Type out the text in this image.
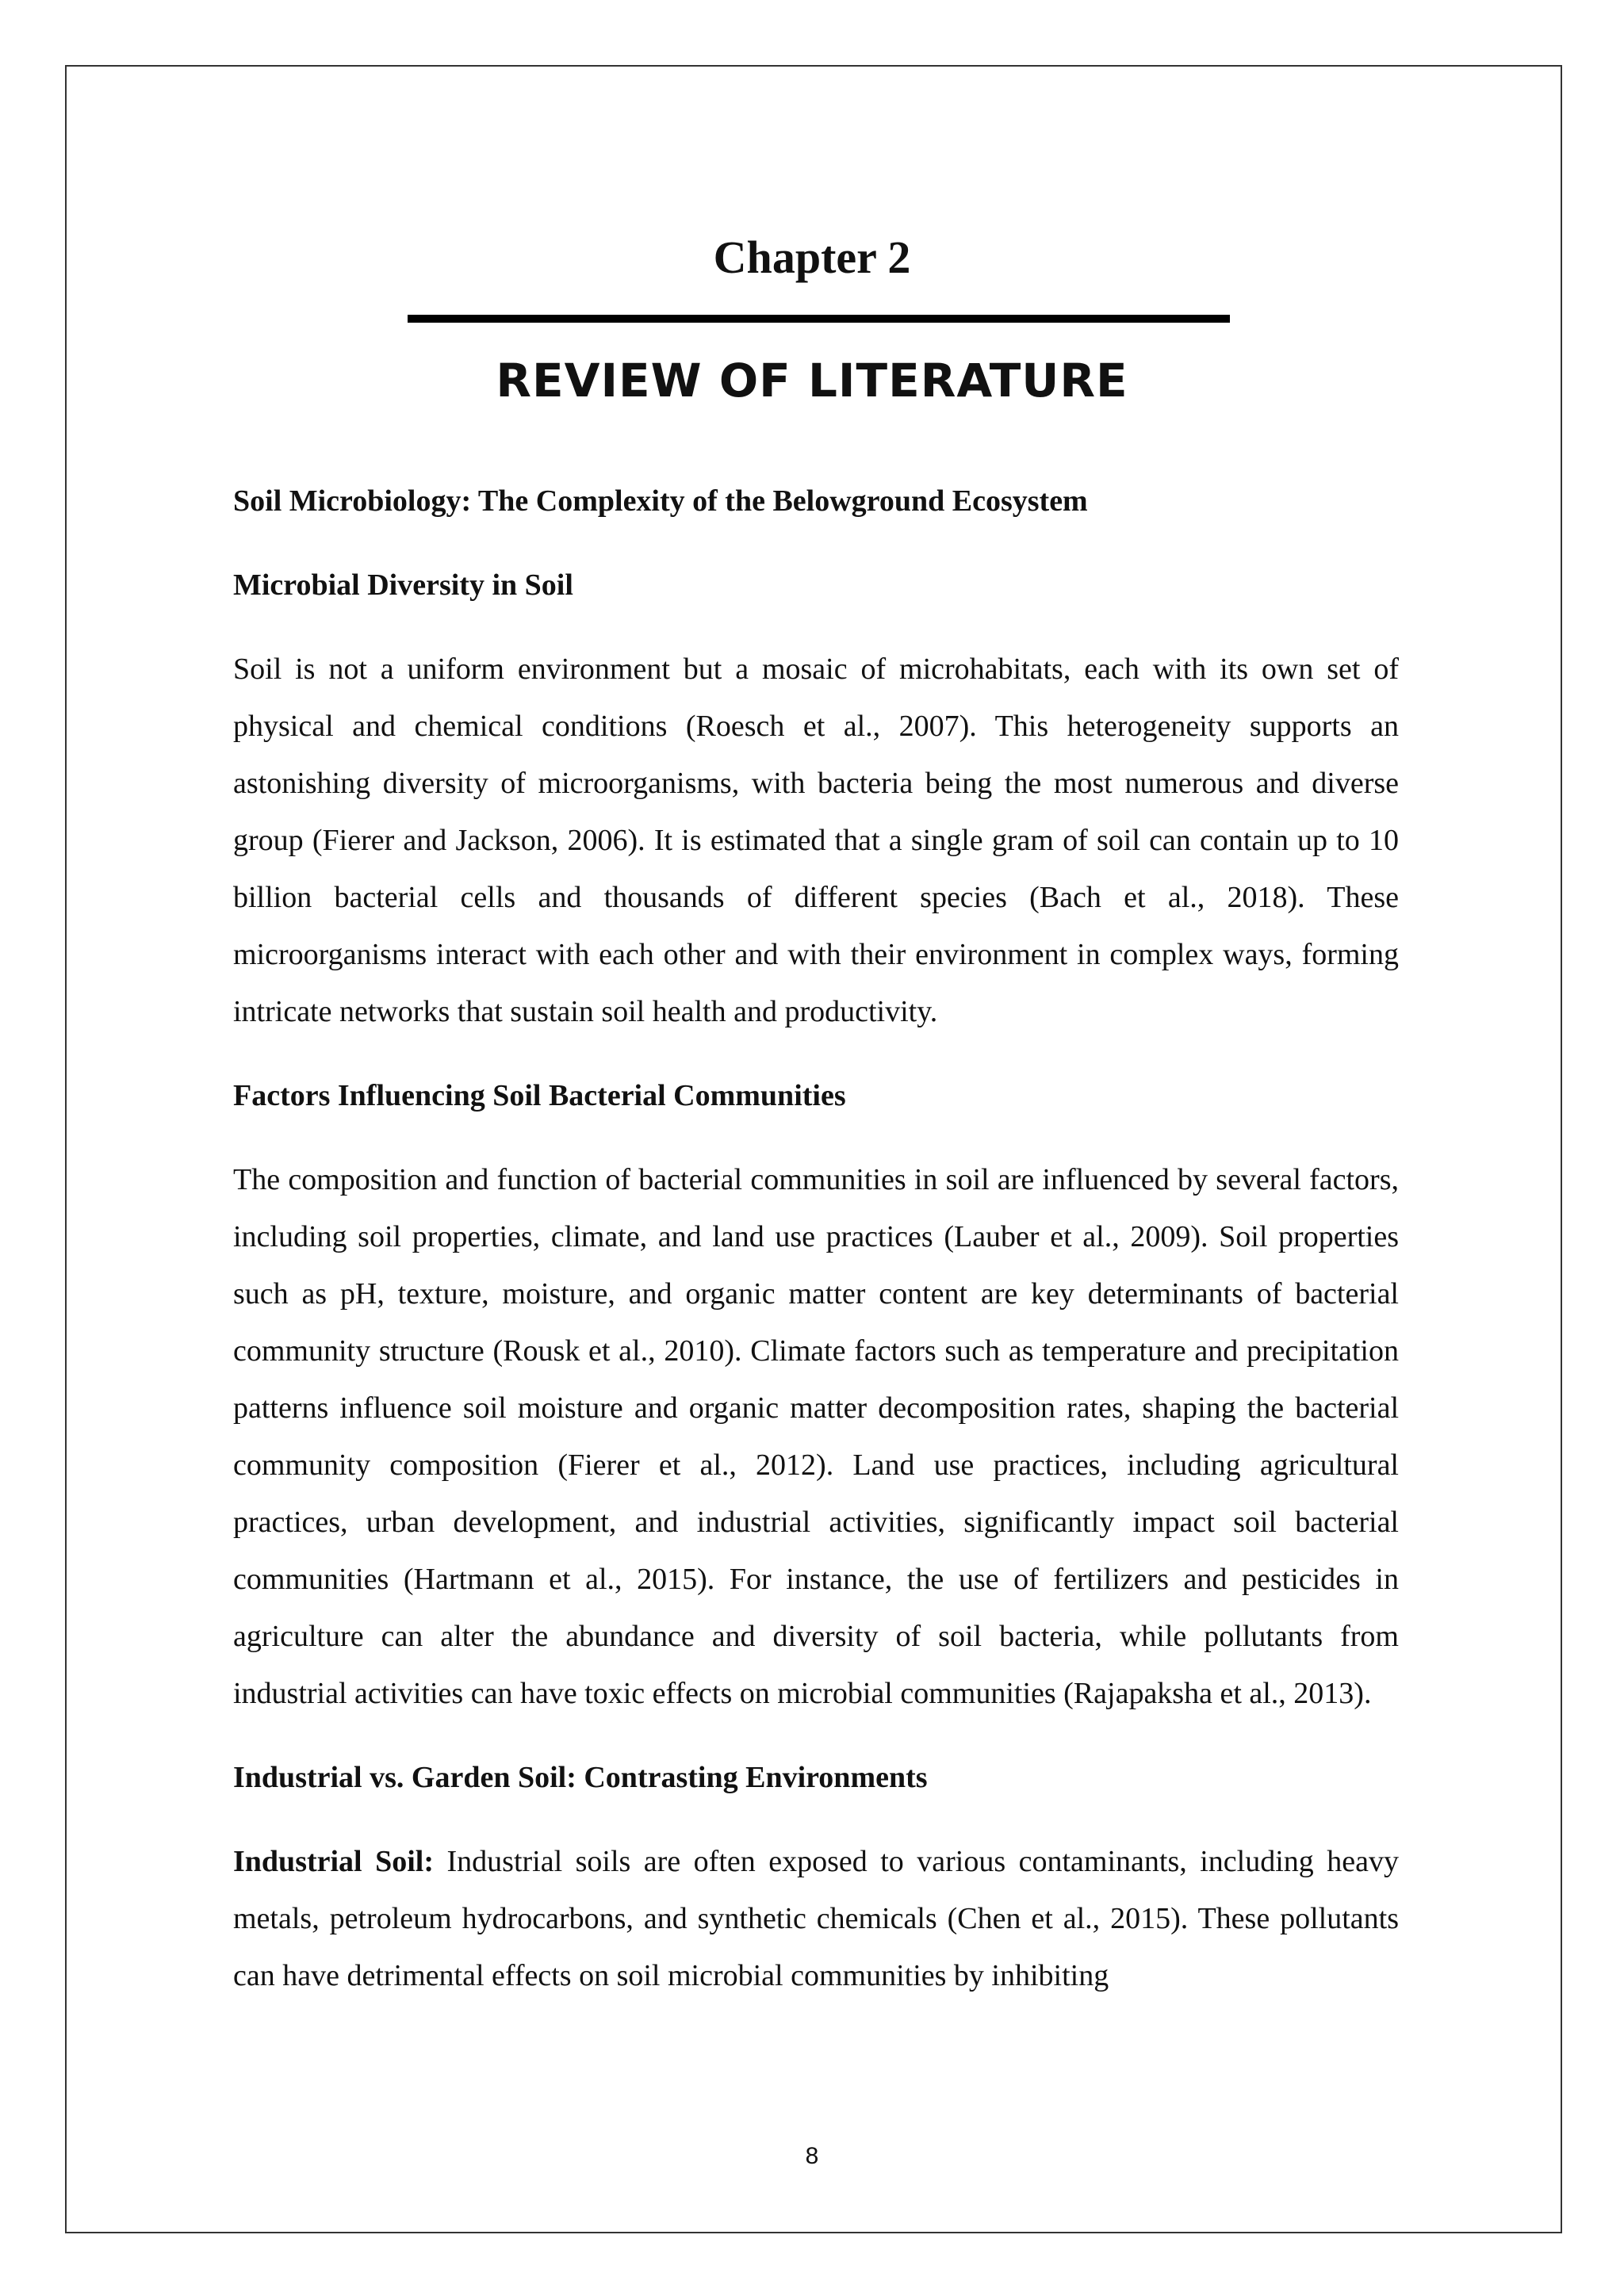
Chapter 2
REVIEW OF LITERATURE

Soil Microbiology: The Complexity of the Belowground Ecosystem

Microbial Diversity in Soil

Soil is not a uniform environment but a mosaic of microhabitats, each with its own set of physical and chemical conditions (Roesch et al., 2007). This heterogeneity supports an astonishing diversity of microorganisms, with bacteria being the most numerous and diverse group (Fierer and Jackson, 2006). It is estimated that a single gram of soil can contain up to 10 billion bacterial cells and thousands of different species (Bach et al., 2018). These microorganisms interact with each other and with their environment in complex ways, forming intricate networks that sustain soil health and productivity.

Factors Influencing Soil Bacterial Communities

The composition and function of bacterial communities in soil are influenced by several factors, including soil properties, climate, and land use practices (Lauber et al., 2009). Soil properties such as pH, texture, moisture, and organic matter content are key determinants of bacterial community structure (Rousk et al., 2010). Climate factors such as temperature and precipitation patterns influence soil moisture and organic matter decomposition rates, shaping the bacterial community composition (Fierer et al., 2012). Land use practices, including agricultural practices, urban development, and industrial activities, significantly impact soil bacterial communities (Hartmann et al., 2015). For instance, the use of fertilizers and pesticides in agriculture can alter the abundance and diversity of soil bacteria, while pollutants from industrial activities can have toxic effects on microbial communities (Rajapaksha et al., 2013).

Industrial vs. Garden Soil: Contrasting Environments

Industrial Soil: Industrial soils are often exposed to various contaminants, including heavy metals, petroleum hydrocarbons, and synthetic chemicals (Chen et al., 2015). These pollutants can have detrimental effects on soil microbial communities by inhibiting

8
